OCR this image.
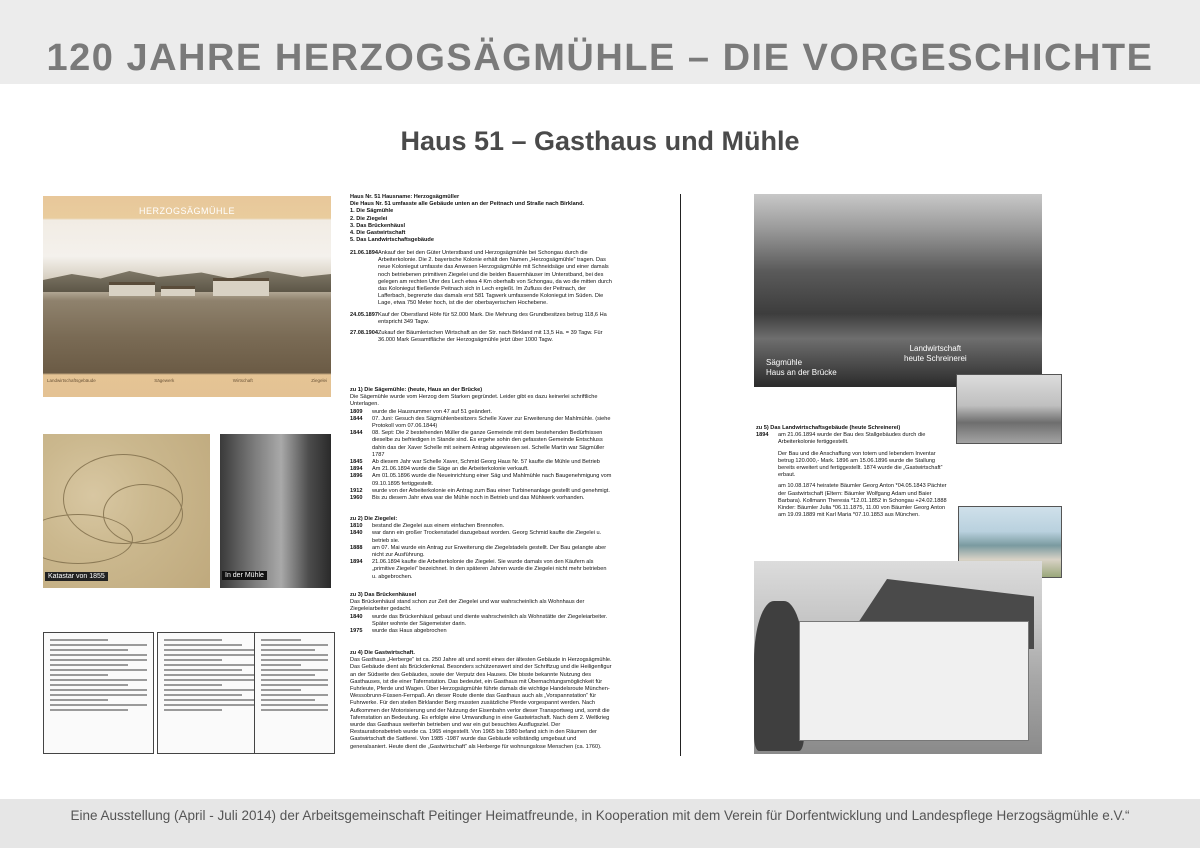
120 JAHRE HERZOGSÄGMÜHLE – DIE VORGESCHICHTE
Haus 51 – Gasthaus und Mühle
HERZOGSÄGMÜHLE
Landwirtschaftsgebäude	Sägewerk	Wirtschaft	Ziegelei
Katastar von 1855	In der Mühle
Haus Nr. 51 Hausname: Herzogsägmüller
Die Haus Nr. 51 umfasste alle Gebäude unten an der Peitnach und Straße nach Birkland.
1. Die Sägmühle
2. Die Ziegelei
3. Das Brückenhäusl
4. Die Gastwirtschaft
5. Das Landwirtschaftsgebäude
21.06.1894 Ankauf der bei den Güter Unterstband und Herzogsägmühle bei Schongau durch die Arbeiterkolonie. Die 2. bayerische Kolonie erhält den Namen „Herzogsägmühle“ tragen. Das neue Koloniegut umfasste das Anwesen Herzogsägmühle mit Schneidsäge und einer damals noch betriebenen primitiven Ziegelei und die beiden Bauernhäuser im Unterstband, bei des gelegen am rechten Ufer des Lech etwa 4 Km oberhalb von Schongau, da wo die mitten durch das Koloniegut fließende Peitnach sich in Lech ergießt. Im Zufluss der Peitnach, der Lafferbach, begrenzte das damals erst 581 Tagwerk umfassende Koloniegut im Süden. Die Lage, etwa 750 Meter hoch, ist die der oberbayerischen Hochebene.
24.05.1897 Kauf der Oberstland Höfe für 52.000 Mark. Die Mehrung des Grundbesitzes betrug 118,6 Ha entspricht 349 Tagw.
27.08.1904 Zukauf der Bäumlerischen Wirtschaft an der Str. nach Birkland mit 13,5 Ha. = 39 Tagw. Für 36.000 Mark Gesamtfläche der Herzogsägmühle jetzt über 1000 Tagw.
zu 1) Die Sägemühle: (heute, Haus an der Brücke)
Die Sägemühle wurde vom Herzog dem Starken gegründet. Leider gibt es dazu keinerlei schriftliche Unterlagen.
1809	wurde die Hausnummer von 47 auf 51 geändert.
1844	07. Juni: Gesuch des Sägmühlenbesitzers Schelle Xaver zur Erweiterung der Mahlmühle. (siehe Protokoll vom 07.06.1844)
1844	08. Sept: Die 2 bestehenden Müller die ganze Gemeinde mit dem bestehenden Bedürfnissen dieselbe zu befriedigen in Stande sind. Es ergehe sohin den gefassten Gemeinde Entschluss dahin das der Xaver Schelle mit seinem Antrag abgewiesen sei. Schelle Martin war Sägmüller 1787
1845	Ab diesem Jahr war Schelle Xaver, Schmid Georg Haus Nr. 57 kaufte die Mühle und Betrieb
1894	Am 21.06.1894 wurde die Säge an die Arbeiterkolonie verkauft.
1896	Am 01.05.1896 wurde die Neueinrichtung einer Säg und Mahlmühle nach Baugenehmigung vom 09.10.1895 fertiggestellt.
1912	wurde von der Arbeiterkolonie ein Antrag zum Bau einer Turbinenanlage gestellt und genehmigt.
1960	Bis zu diesem Jahr etwa war die Mühle noch in Betrieb und das Mühlwerk vorhanden.
zu 2) Die Ziegelei:
1810	bestand die Ziegelei aus einem einfachen Brennofen.
1840	war dann ein großer Trockenstadel dazugebaut worden. Georg Schmid kaufte die Ziegelei u. betrieb sie.
1888	am 07. Mai wurde ein Antrag zur Erweiterung die Ziegelstadels gestellt. Der Bau gelangte aber nicht zur Ausführung.
1894	21.06.1894 kaufte die Arbeiterkolonie die Ziegelei. Sie wurde damals von den Käufern als „primitive Ziegelei“ bezeichnet. In den späteren Jahren wurde die Ziegelei nicht mehr betrieben u. abgebrochen.
zu 3) Das Brückenhäusel
Das Brückenhäusl stand schon zur Zeit der Ziegelei und war wahrscheinlich als Wohnhaus der Ziegeleiarbeiter gedacht.
1840	wurde das Brückenhäusl gebaut und diente wahrscheinlich als Wohnstätte der Ziegeleiarbeiter. Später wohnte der Sägemeister darin.
1975	wurde das Haus abgebrochen
zu 4) Die Gastwirtschaft.
Das Gasthaus „Herberge“ ist ca. 250 Jahre alt und somit eines der ältesten Gebäude in Herzogsägmühle. Das Gebäude dient als Brückdenkmal. Besonders schützenswert sind der Schriftzug und die Heiligenfigur an der Südseite des Gebäudes, sowie der Verputz des Hauses. Die bisste bekannte Nutzung des Gasthauses, ist die einer Tafernstation. Das bedeutet, ein Gasthaus mit Übernachtungsmöglichkeit für Fuhrleute, Pferde und Wagen. Über Herzogsägmühle führte damals die wichtige Handelsroute München-Wessobrunn-Füssen-Fernpaß. An dieser Route diente das Gasthaus auch als „Vorspannstation“ für Fuhrwerke. Für den steilen Birklander Berg mussten zusätzliche Pferde vorgespannt werden. Nach Aufkommen der Motorisierung und der Nutzung der Eisenbahn verlor dieser Transportweg und, somit die Tafernstation an Bedeutung. Es erfolgte eine Umwandlung in eine Gastwirtschaft. Nach dem 2. Weltkrieg wurde das Gasthaus weiterhin betrieben und war ein gut besuchtes Ausflugsziel. Der Restaurationsbetrieb wurde ca. 1965 eingestellt. Von 1965 bis 1980 befand sich in den Räumen der Gastwirtschaft die Sattlerei. Von 1985 -1987 wurde das Gebäude vollständig umgebaut und generalsaniert. Heute dient die „Gastwirtschaft“ als Herberge für wohnungslose Menschen (ca. 1760).
Sägmühle
Haus an der Brücke
Landwirtschaft
heute Schreinerei
zu 5) Das Landwirtschaftsgebäude (heute Schreinerei)
1894	am 21.06.1894 wurde der Bau des Stallgebäudes durch die Arbeiterkolonie fertiggestellt.
Der Bau und die Anschaffung von totem und lebendem Inventar betrug 120.000,- Mark. 1896 am 15.06.1896 wurde die Stallung bereits erweitert und fertiggestellt. 1874 wurde die „Gastwirtschaft“ erbaut.
am 10.08.1874 heiratete Bäumler Georg Anton *04.05.1843 Pächter der Gastwirtschaft (Eltern: Bäumler Wolfgang Adam und Baier Barbara). Kollmann Theresia *12.01.1852 in Schongau +24.02.1888 Kinder: Bäumler Julia *06.11.1875, 11.00 von Bäumler Georg Anton am 19.09.1889 mit Karl Maria *07.10.1853 aus München.
Eine Ausstellung (April - Juli 2014) der Arbeitsgemeinschaft Peitinger Heimatfreunde, in Kooperation mit dem Verein für Dorfentwicklung und Landespflege Herzogsägmühle e.V.“
